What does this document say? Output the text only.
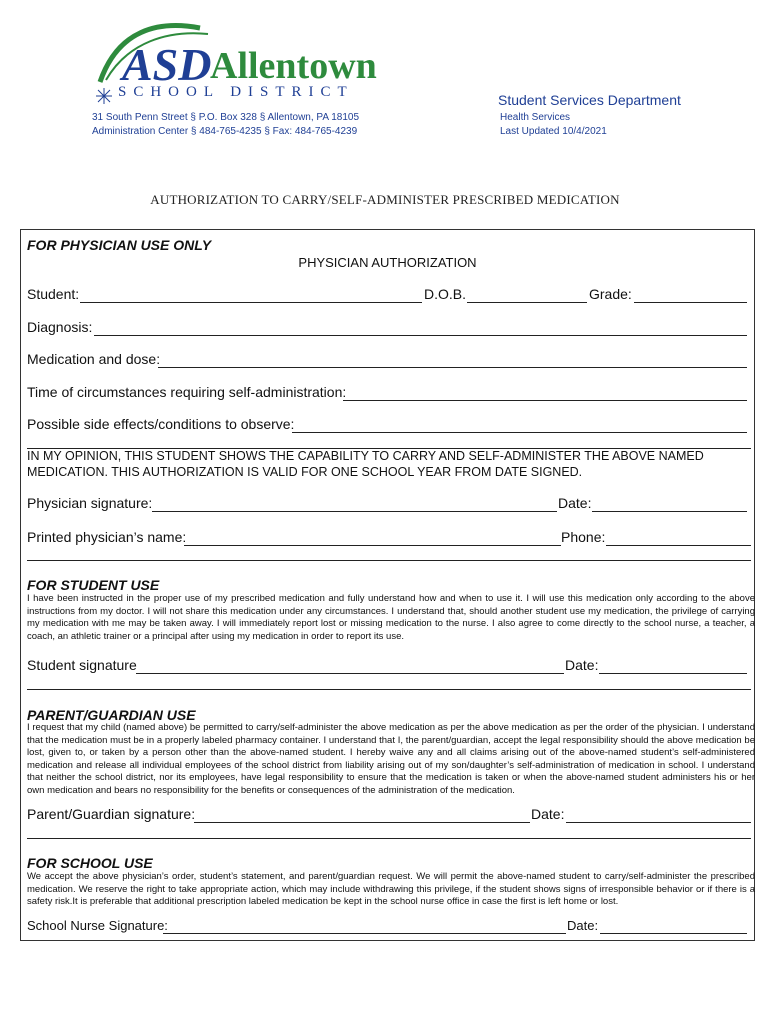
ASD
Allentown
SCHOOL DISTRICT
31 South Penn Street § P.O. Box 328 § Allentown, PA 18105
Administration Center § 484-765-4235 § Fax: 484-765-4239
Student Services Department
Health Services
Last Updated 10/4/2021
AUTHORIZATION TO CARRY/SELF-ADMINISTER PRESCRIBED MEDICATION
FOR PHYSICIAN USE ONLY
PHYSICIAN AUTHORIZATION
Student:	D.O.B.	Grade:
Diagnosis:
Medication and dose:
Time of circumstances requiring self-administration:
Possible side effects/conditions to observe:
IN MY OPINION, THIS STUDENT SHOWS THE CAPABILITY TO CARRY AND SELF-ADMINISTER THE ABOVE NAMED MEDICATION. THIS AUTHORIZATION IS VALID FOR ONE SCHOOL YEAR FROM DATE SIGNED.
Physician signature:	Date:
Printed physician’s name:	Phone:
FOR STUDENT USE
I have been instructed in the proper use of my prescribed medication and fully understand how and when to use it. I will use this medication only according to the above instructions from my doctor. I will not share this medication under any circumstances. I understand that, should another student use my medication, the privilege of carrying my medication with me may be taken away. I will immediately report lost or missing medication to the nurse. I also agree to come directly to the school nurse, a teacher, a coach, an athletic trainer or a principal after using my medication in order to report its use.
Student signature	Date:
PARENT/GUARDIAN USE
I request that my child (named above) be permitted to carry/self-administer the above medication as per the above medication as per the order of the physician. I understand that the medication must be in a properly labeled pharmacy container. I understand that I, the parent/guardian, accept the legal responsibility should the above medication be lost, given to, or taken by a person other than the above-named student. I hereby waive any and all claims arising out of the above-named student’s self-administered medication and release all individual employees of the school district from liability arising out of my son/daughter’s self-administration of medication in school. I understand that neither the school district, nor its employees, have legal responsibility to ensure that the medication is taken or when the above-named student administers his or her own medication and bears no responsibility for the benefits or consequences of the administration of the medication.
Parent/Guardian signature:	Date:
FOR SCHOOL USE
We accept the above physician’s order, student’s statement, and parent/guardian request. We will permit the above-named student to carry/self-administer the prescribed medication. We reserve the right to take appropriate action, which may include withdrawing this privilege, if the student shows signs of irresponsible behavior or if there is a safety risk.It is preferable that additional prescription labeled medication be kept in the school nurse office in case the first is left home or lost.
School Nurse Signature:	Date:
